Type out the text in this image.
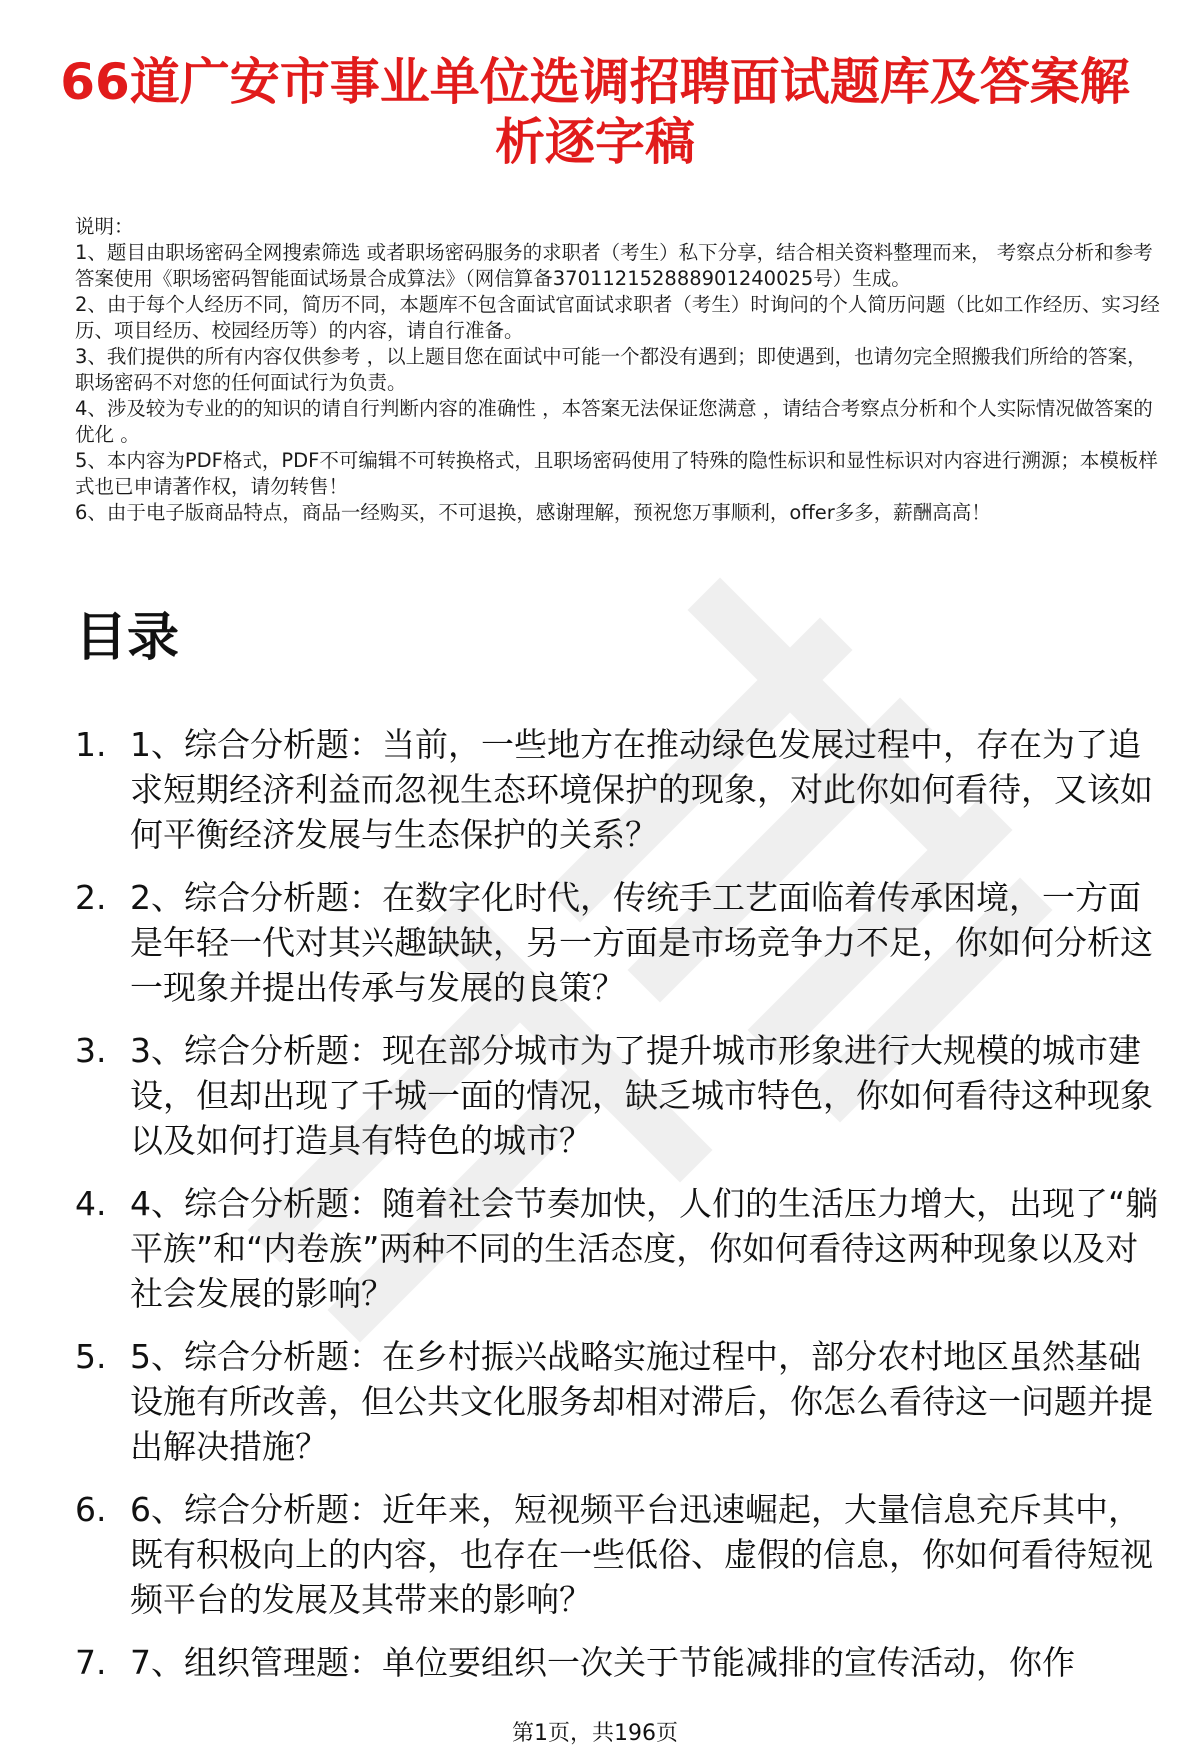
66道广安市事业单位选调招聘面试题库及答案解析逐字稿

说明：

1、题目由职场密码全网搜索筛选 或者职场密码服务的求职者（考生）私下分享，结合相关资料整理而来， 考察点分析和参考答案使用《职场密码智能面试场景合成算法》（网信算备370112152888901240025号）生成。

2、由于每个人经历不同，简历不同，本题库不包含面试官面试求职者（考生）时询问的个人简历问题（比如工作经历、实习经历、项目经历、校园经历等）的内容，请自行准备。

3、我们提供的所有内容仅供参考 ，以上题目您在面试中可能一个都没有遇到；即使遇到，也请勿完全照搬我们所给的答案，职场密码不对您的任何面试行为负责。

4、涉及较为专业的的知识的请自行判断内容的准确性 ，本答案无法保证您满意 ，请结合考察点分析和个人实际情况做答案的优化 。

5、本内容为PDF格式，PDF不可编辑不可转换格式，且职场密码使用了特殊的隐性标识和显性标识对内容进行溯源；本模板样式也已申请著作权，请勿转售！

6、由于电子版商品特点，商品一经购买，不可退换，感谢理解，预祝您万事顺利，offer多多，薪酬高高！

目录
1. 1、综合分析题：当前，一些地方在推动绿色发展过程中，存在为了追求短期经济利益而忽视生态环境保护的现象，对此你如何看待，又该如何平衡经济发展与生态保护的关系？
2. 2、综合分析题：在数字化时代，传统手工艺面临着传承困境，一方面是年轻一代对其兴趣缺缺，另一方面是市场竞争力不足，你如何分析这一现象并提出传承与发展的良策？
3. 3、综合分析题：现在部分城市为了提升城市形象进行大规模的城市建设，但却出现了千城一面的情况，缺乏城市特色，你如何看待这种现象以及如何打造具有特色的城市？
4. 4、综合分析题：随着社会节奏加快，人们的生活压力增大，出现了“躺平族”和“内卷族”两种不同的生活态度，你如何看待这两种现象以及对社会发展的影响？
5. 5、综合分析题：在乡村振兴战略实施过程中，部分农村地区虽然基础设施有所改善，但公共文化服务却相对滞后，你怎么看待这一问题并提出解决措施？
6. 6、综合分析题：近年来，短视频平台迅速崛起，大量信息充斥其中，既有积极向上的内容，也存在一些低俗、虚假的信息，你如何看待短视频平台的发展及其带来的影响？
7. 7、组织管理题：单位要组织一次关于节能减排的宣传活动，你作
第1页，共196页
